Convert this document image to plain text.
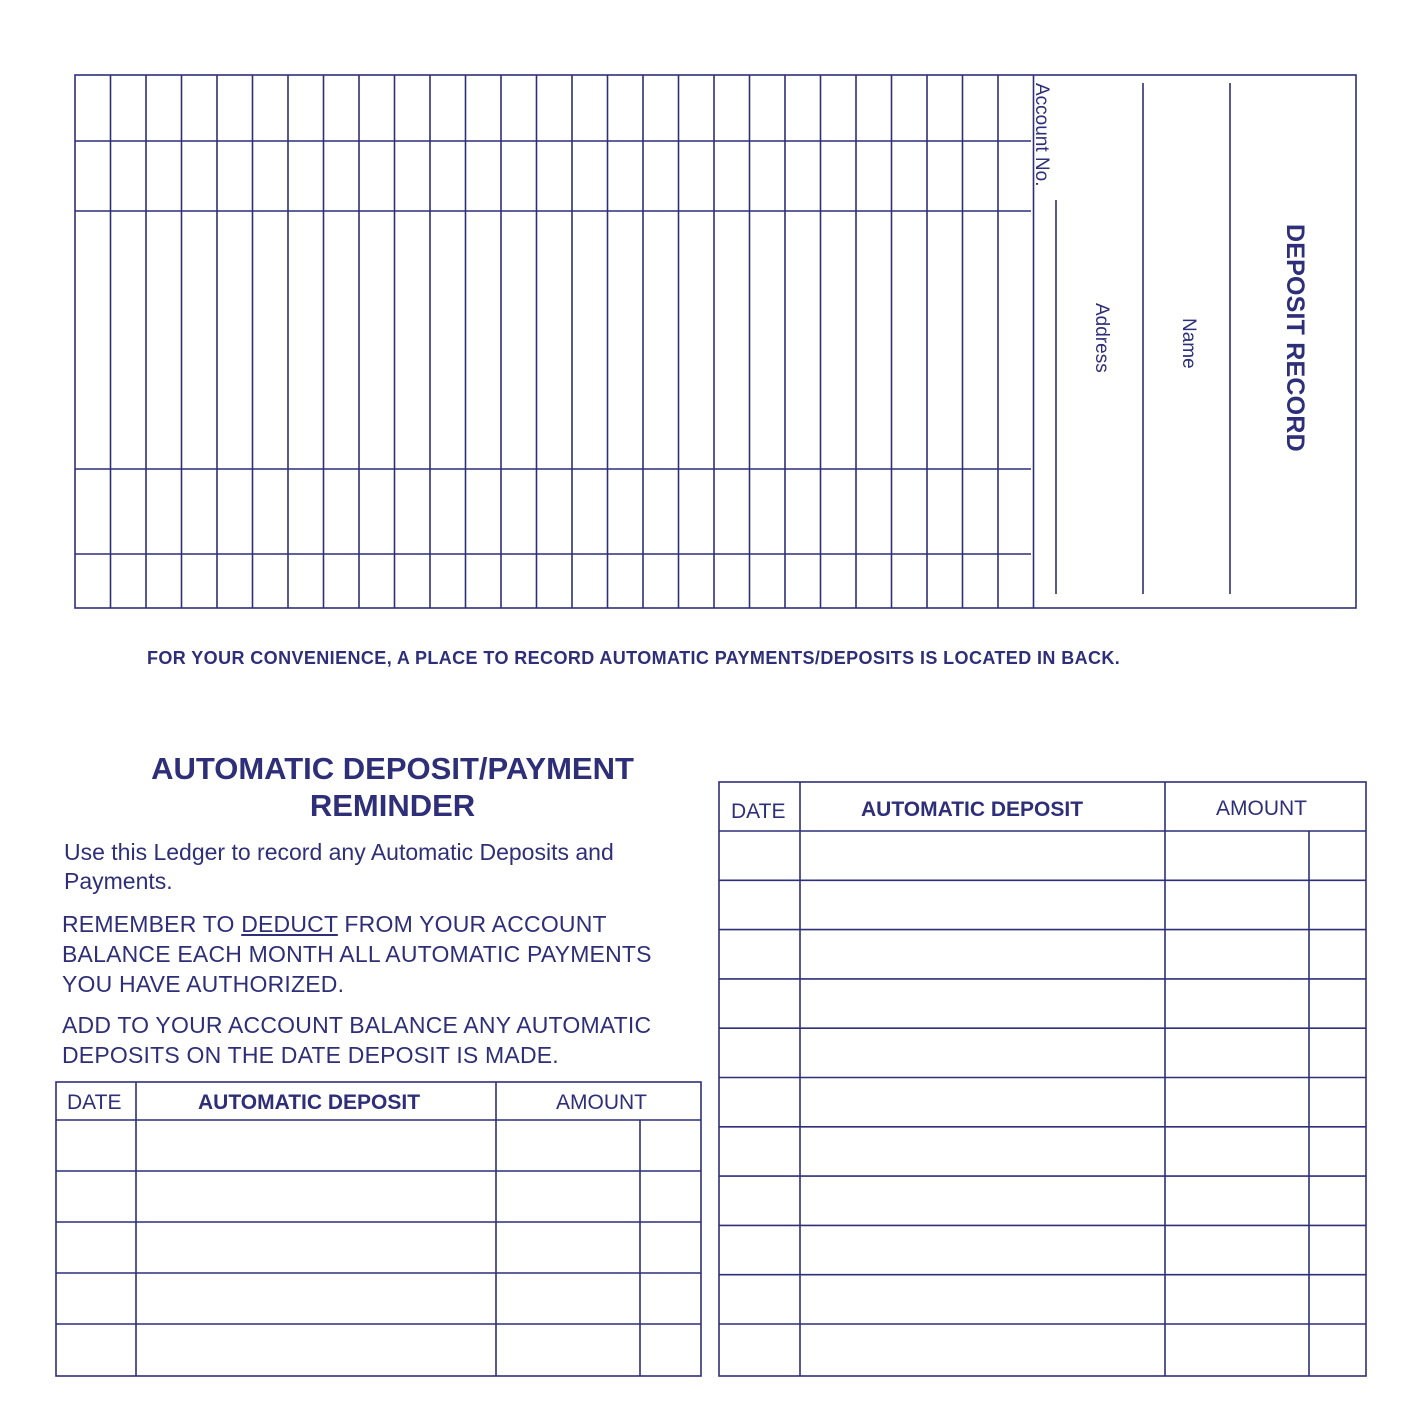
DEPOSIT RECORD
Name
Address
Account No.
FOR YOUR CONVENIENCE, A PLACE TO RECORD AUTOMATIC PAYMENTS/DEPOSITS IS LOCATED IN BACK.
AUTOMATIC DEPOSIT/PAYMENT
REMINDER
Use this Ledger to record any Automatic Deposits and Payments.
REMEMBER TO DEDUCT FROM YOUR ACCOUNT BALANCE EACH MONTH ALL AUTOMATIC PAYMENTS YOU HAVE AUTHORIZED.
ADD TO YOUR ACCOUNT BALANCE ANY AUTOMATIC DEPOSITS ON THE DATE DEPOSIT IS MADE.
DATE	AUTOMATIC DEPOSIT	AMOUNT
DATE	AUTOMATIC DEPOSIT	AMOUNT
